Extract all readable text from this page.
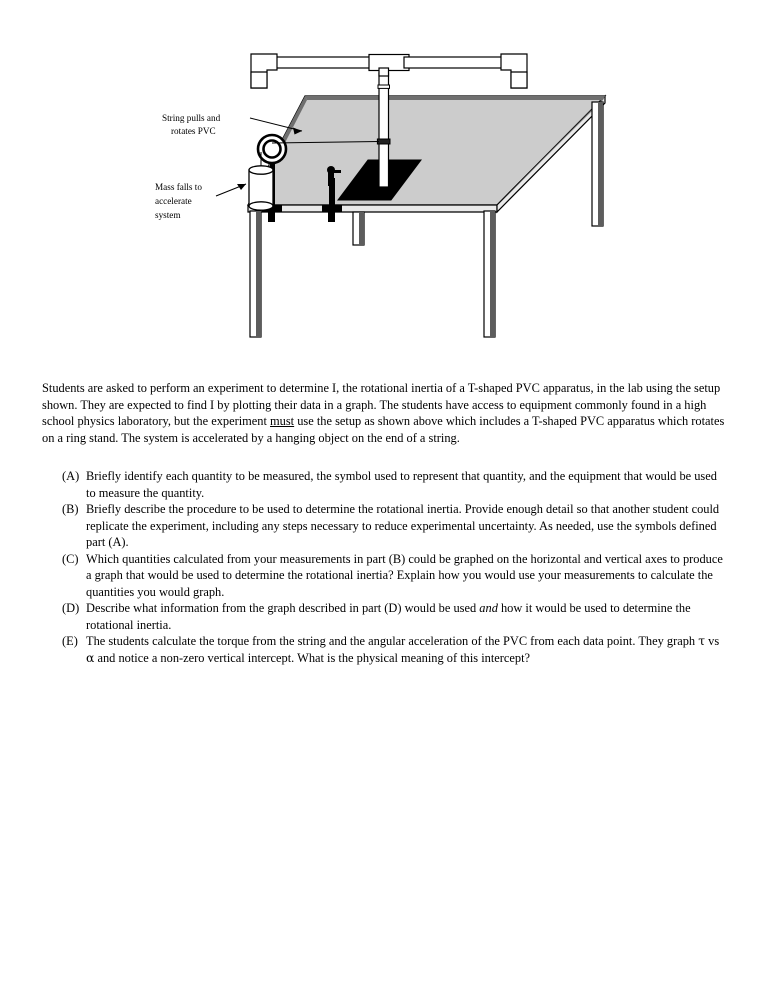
String pulls and
rotates PVC
Mass falls to
accelerate
system

Students are asked to perform an experiment to determine I, the rotational inertia of a T-shaped PVC apparatus, in the lab using the setup shown. They are expected to find I by plotting their data in a graph. The students have access to equipment commonly found in a high school physics laboratory, but the experiment must use the setup as shown above which includes a T-shaped PVC apparatus which rotates on a ring stand. The system is accelerated by a hanging object on the end of a string.

(A) Briefly identify each quantity to be measured, the symbol used to represent that quantity, and the equipment that would be used to measure the quantity.
(B) Briefly describe the procedure to be used to determine the rotational inertia. Provide enough detail so that another student could replicate the experiment, including any steps necessary to reduce experimental uncertainty. As needed, use the symbols defined part (A).
(C) Which quantities calculated from your measurements in part (B) could be graphed on the horizontal and vertical axes to produce a graph that would be used to determine the rotational inertia? Explain how you would use your measurements to calculate the quantities you would graph.
(D) Describe what information from the graph described in part (D) would be used and how it would be used to determine the rotational inertia.
(E) The students calculate the torque from the string and the angular acceleration of the PVC from each data point. They graph τ vs α and notice a non-zero vertical intercept. What is the physical meaning of this intercept?
